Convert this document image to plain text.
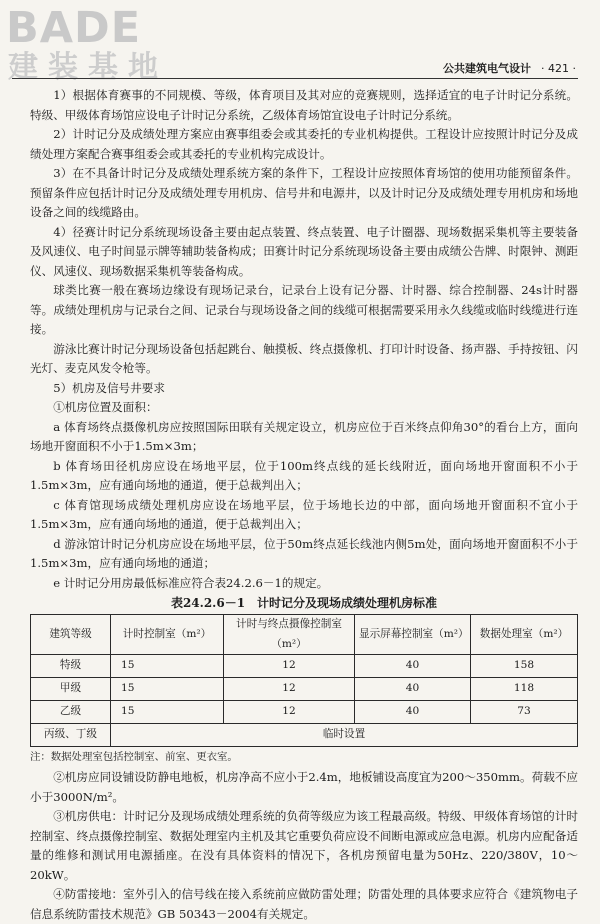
BADE
建装基地	公共建筑电气设计 · 421 ·

1）根据体育赛事的不同规模、等级，体育项目及其对应的竞赛规则，选择适宜的电子计时记分系统。特级、甲级体育场馆应设电子计时记分系统，乙级体育场馆宜设电子计时记分系统。

2）计时记分及成绩处理方案应由赛事组委会或其委托的专业机构提供。工程设计应按照计时记分及成绩处理方案配合赛事组委会或其委托的专业机构完成设计。

3）在不具备计时记分及成绩处理系统方案的条件下，工程设计应按照体育场馆的使用功能预留条件。预留条件应包括计时记分及成绩处理专用机房、信号井和电源井，以及计时记分及成绩处理专用机房和场地设备之间的线缆路由。

4）径赛计时记分系统现场设备主要由起点装置、终点装置、电子计圈器、现场数据采集机等主要装备及风速仪、电子时间显示牌等辅助装备构成；田赛计时记分系统现场设备主要由成绩公告牌、时限钟、测距仪、风速仪、现场数据采集机等装备构成。

球类比赛一般在赛场边缘设有现场记录台，记录台上设有记分器、计时器、综合控制器、24s计时器等。成绩处理机房与记录台之间、记录台与现场设备之间的线缆可根据需要采用永久线缆或临时线缆进行连接。

游泳比赛计时记分现场设备包括起跳台、触摸板、终点摄像机、打印计时设备、扬声器、手持按钮、闪光灯、麦克风发令枪等。

5）机房及信号井要求

①机房位置及面积：

a 体育场终点摄像机房应按照国际田联有关规定设立，机房应位于百米终点仰角30°的看台上方，面向场地开窗面积不小于1.5m×3m；

b 体育场田径机房应设在场地平层，位于100m终点线的延长线附近，面向场地开窗面积不小于1.5m×3m，应有通向场地的通道，便于总裁判出入；

c 体育馆现场成绩处理机房应设在场地平层，位于场地长边的中部，面向场地开窗面积不宜小于1.5m×3m，应有通向场地的通道，便于总裁判出入；

d 游泳馆计时记分机房应设在场地平层，位于50m终点延长线池内侧5m处，面向场地开窗面积不小于1.5m×3m，应有通向场地的通道；

e 计时记分用房最低标准应符合表24.2.6－1的规定。

表24.2.6－1　计时记分及现场成绩处理机房标准
建筑等级	计时控制室（m²）	计时与终点摄像控制室（m²）	显示屏幕控制室（m²）	数据处理室（m²）
特级	15	12	40	158
甲级	15	12	40	118
乙级	15	12	40	73
丙级、丁级	临时设置			

注：数据处理室包括控制室、前室、更衣室。

②机房应同设铺设防静电地板，机房净高不应小于2.4m，地板铺设高度宜为200～350mm。荷载不应小于3000N/m²。

③机房供电：计时记分及现场成绩处理系统的负荷等级应为该工程最高级。特级、甲级体育场馆的计时控制室、终点摄像控制室、数据处理室内主机及其它重要负荷应设不间断电源或应急电源。机房内应配备适量的维修和测试用电源插座。在没有具体资料的情况下，各机房预留电量为50Hz、220/380V，10～20kW。

④防雷接地：室外引入的信号线在接入系统前应做防雷处理；防雷处理的具体要求应符合《建筑物电子信息系统防雷技术规范》GB 50343－2004有关规定。
